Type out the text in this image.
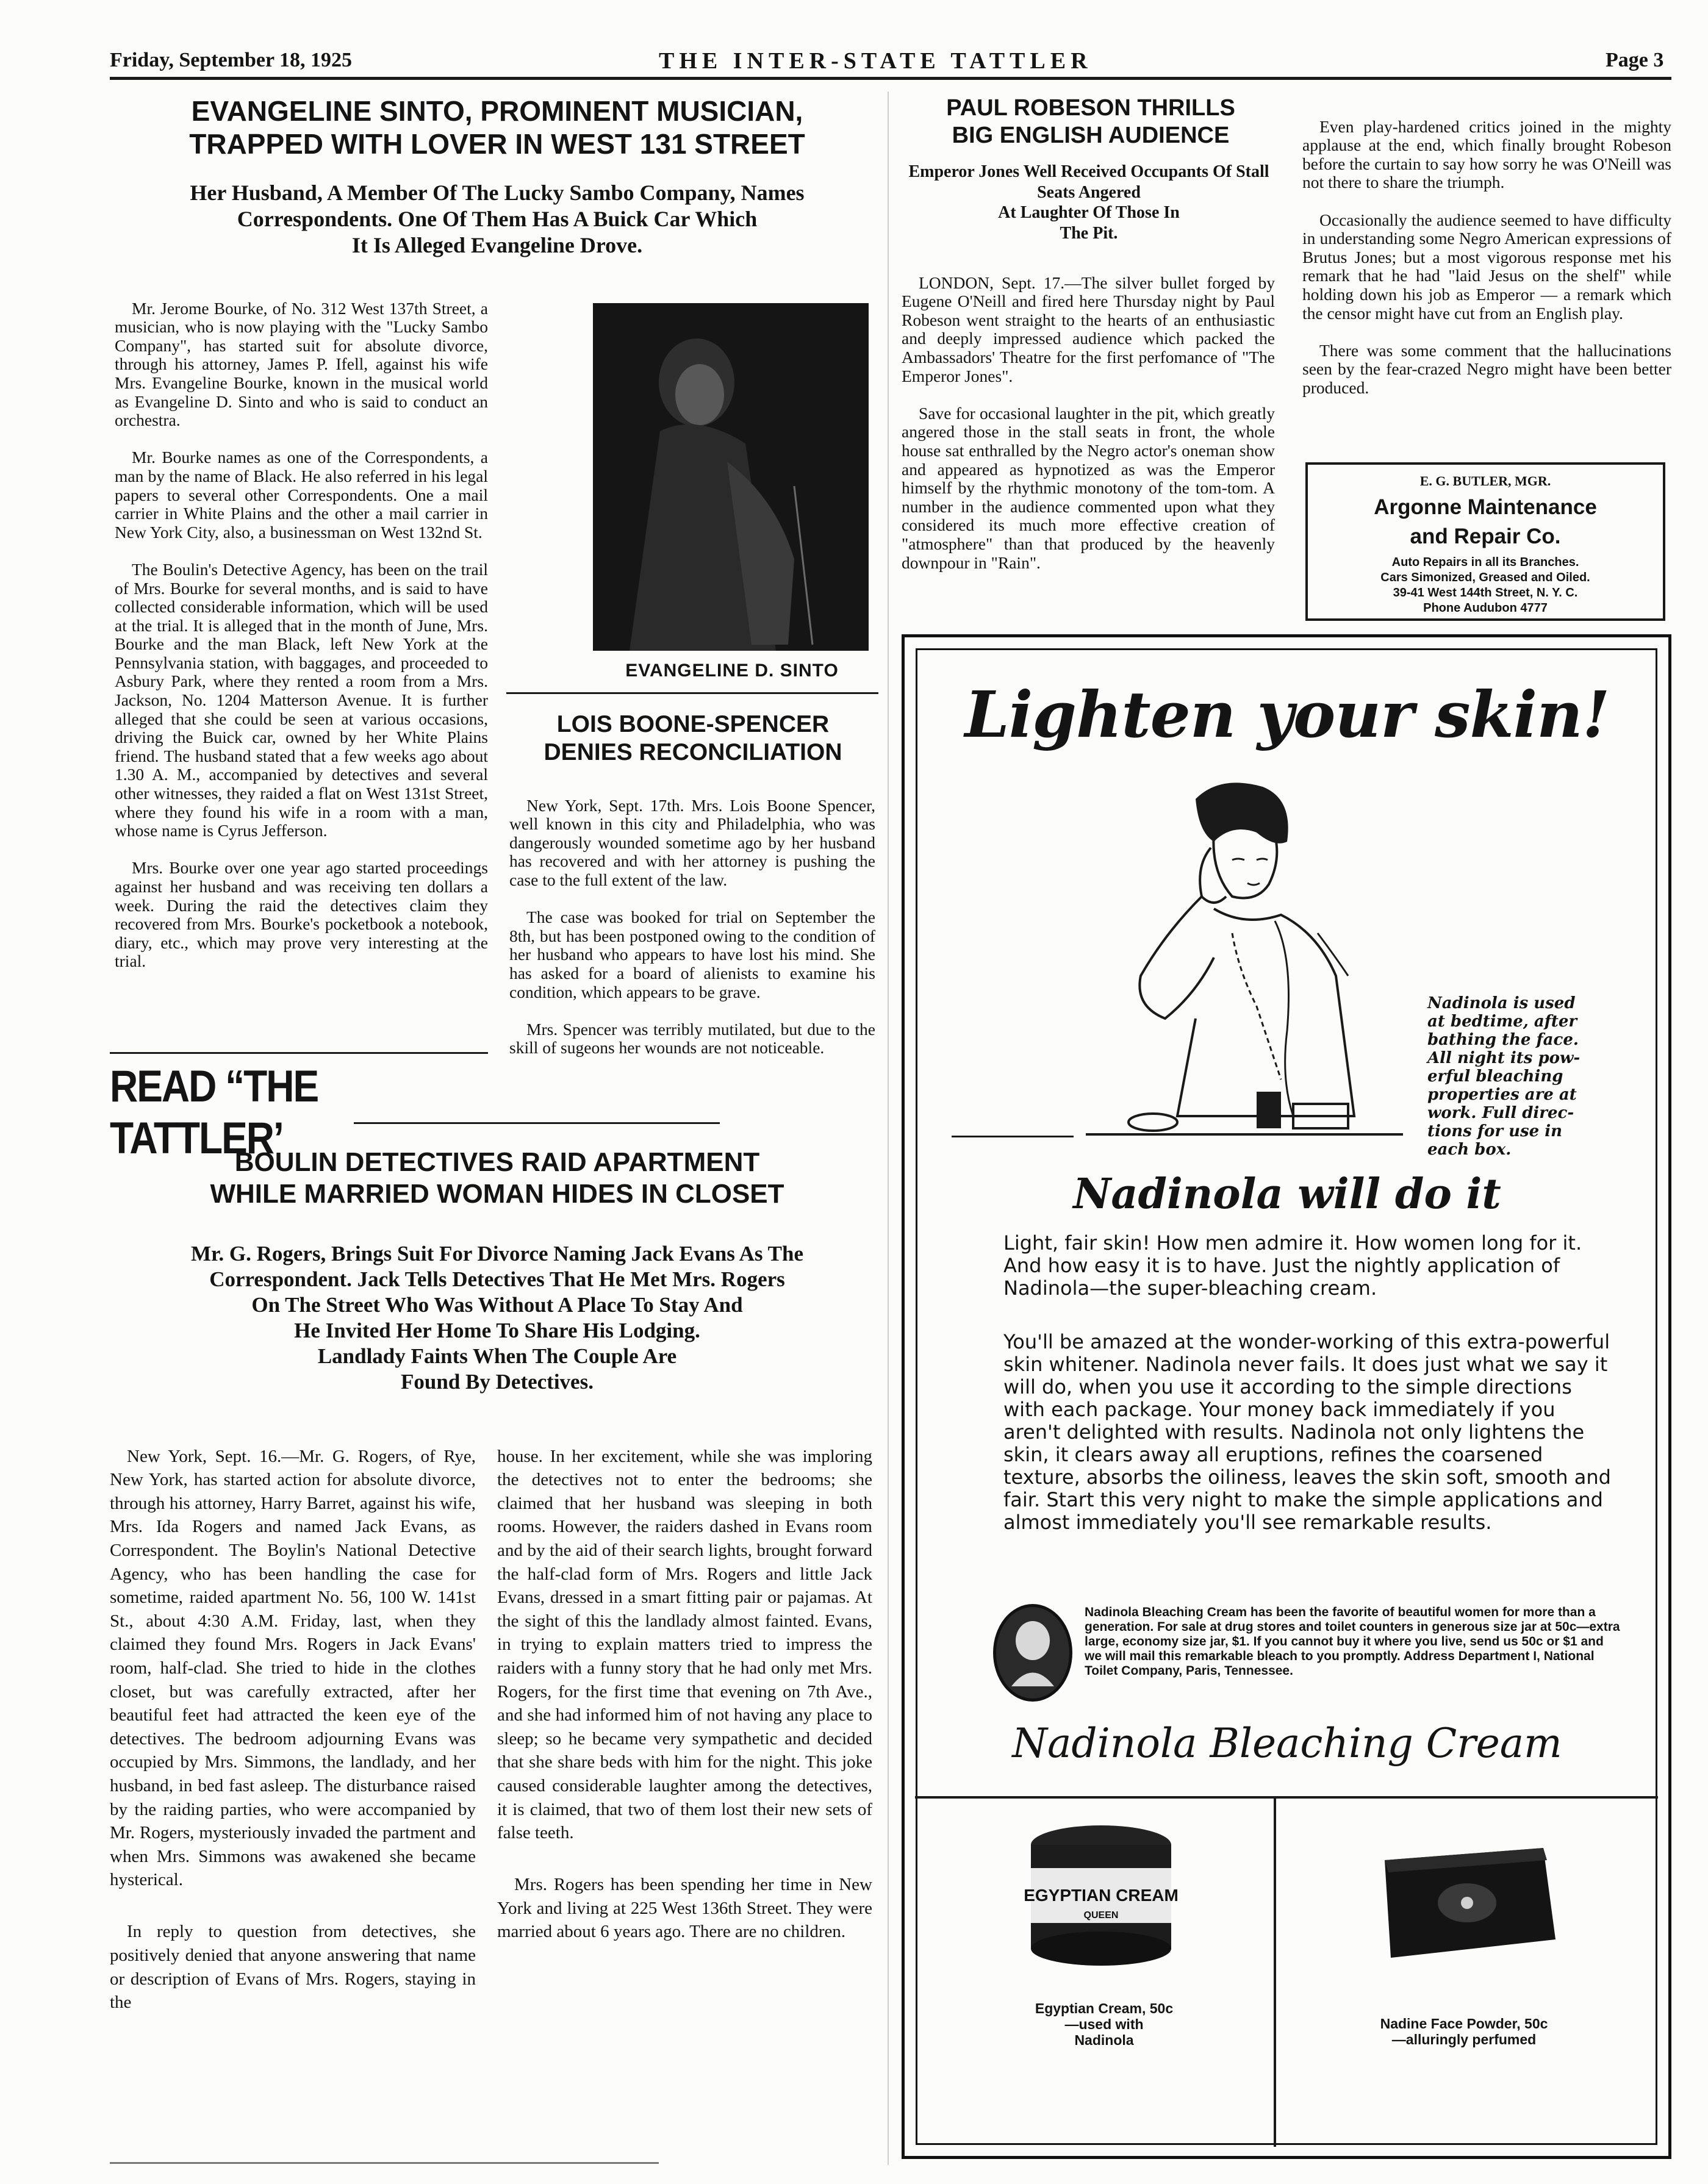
Friday, September 18, 1925	THE INTER-STATE TATTLER	Page 3
EVANGELINE SINTO, PROMINENT MUSICIAN,
TRAPPED WITH LOVER IN WEST 131 STREET
Her Husband, A Member Of The Lucky Sambo Company, Names
Correspondents. One Of Them Has A Buick Car Which
It Is Alleged Evangeline Drove.

Mr. Jerome Bourke, of No. 312 West 137th Street, a musician, who is now playing with the "Lucky Sambo Company", has started suit for absolute divorce, through his attorney, James P. Ifell, against his wife Mrs. Evangeline Bourke, known in the musical world as Evangeline D. Sinto and who is said to conduct an orchestra.

Mr. Bourke names as one of the Correspondents, a man by the name of Black. He also referred in his legal papers to several other Correspondents. One a mail carrier in White Plains and the other a mail carrier in New York City, also, a businessman on West 132nd St.

The Boulin's Detective Agency, has been on the trail of Mrs. Bourke for several months, and is said to have collected considerable information, which will be used at the trial. It is alleged that in the month of June, Mrs. Bourke and the man Black, left New York at the Pennsylvania station, with baggages, and proceeded to Asbury Park, where they rented a room from a Mrs. Jackson, No. 1204 Matterson Avenue. It is further alleged that she could be seen at various occasions, driving the Buick car, owned by her White Plains friend. The husband stated that a few weeks ago about 1.30 A. M., accompanied by detectives and several other witnesses, they raided a flat on West 131st Street, where they found his wife in a room with a man, whose name is Cyrus Jefferson.

Mrs. Bourke over one year ago started proceedings against her husband and was receiving ten dollars a week. During the raid the detectives claim they recovered from Mrs. Bourke's pocketbook a notebook, diary, etc., which may prove very interesting at the trial.

EVANGELINE D. SINTO
LOIS BOONE-SPENCER
DENIES RECONCILIATION

New York, Sept. 17th. Mrs. Lois Boone Spencer, well known in this city and Philadelphia, who was dangerously wounded sometime ago by her husband has recovered and with her attorney is pushing the case to the full extent of the law.

The case was booked for trial on September the 8th, but has been postponed owing to the condition of her husband who appears to have lost his mind. She has asked for a board of alienists to examine his condition, which appears to be grave.

Mrs. Spencer was terribly mutilated, but due to the skill of sugeons her wounds are not noticeable.

READ “THE TATTLER’
BOULIN DETECTIVES RAID APARTMENT
WHILE MARRIED WOMAN HIDES IN CLOSET
Mr. G. Rogers, Brings Suit For Divorce Naming Jack Evans As The
Correspondent. Jack Tells Detectives That He Met Mrs. Rogers
On The Street Who Was Without A Place To Stay And
He Invited Her Home To Share His Lodging.
Landlady Faints When The Couple Are
Found By Detectives.

New York, Sept. 16.—Mr. G. Rogers, of Rye, New York, has started action for absolute divorce, through his attorney, Harry Barret, against his wife, Mrs. Ida Rogers and named Jack Evans, as Correspondent. The Boylin's National Detective Agency, who has been handling the case for sometime, raided apartment No. 56, 100 W. 141st St., about 4:30 A.M. Friday, last, when they claimed they found Mrs. Rogers in Jack Evans' room, half-clad. She tried to hide in the clothes closet, but was carefully extracted, after her beautiful feet had attracted the keen eye of the detectives. The bedroom adjourning Evans was occupied by Mrs. Simmons, the landlady, and her husband, in bed fast asleep. The disturbance raised by the raiding parties, who were accompanied by Mr. Rogers, mysteriously invaded the partment and when Mrs. Simmons was awakened she became hysterical.

In reply to question from detectives, she positively denied that anyone answering that name or description of Evans of Mrs. Rogers, staying in the

house. In her excitement, while she was imploring the detectives not to enter the bedrooms; she claimed that her husband was sleeping in both rooms. However, the raiders dashed in Evans room and by the aid of their search lights, brought forward the half-clad form of Mrs. Rogers and little Jack Evans, dressed in a smart fitting pair or pajamas. At the sight of this the landlady almost fainted. Evans, in trying to explain matters tried to impress the raiders with a funny story that he had only met Mrs. Rogers, for the first time that evening on 7th Ave., and she had informed him of not having any place to sleep; so he became very sympathetic and decided that she share beds with him for the night. This joke caused considerable laughter among the detectives, it is claimed, that two of them lost their new sets of false teeth.

Mrs. Rogers has been spending her time in New York and living at 225 West 136th Street. They were married about 6 years ago. There are no children.

PAUL ROBESON THRILLS
BIG ENGLISH AUDIENCE
Emperor Jones Well Received Occupants Of Stall Seats Angered
At Laughter Of Those In
The Pit.

LONDON, Sept. 17.—The silver bullet forged by Eugene O'Neill and fired here Thursday night by Paul Robeson went straight to the hearts of an enthusiastic and deeply impressed audience which packed the Ambassadors' Theatre for the first perfomance of "The Emperor Jones".

Save for occasional laughter in the pit, which greatly angered those in the stall seats in front, the whole house sat enthralled by the Negro actor's oneman show and appeared as hypnotized as was the Emperor himself by the rhythmic monotony of the tom-tom. A number in the audience commented upon what they considered its much more effective creation of "atmosphere" than that produced by the heavenly downpour in "Rain".

Even play-hardened critics joined in the mighty applause at the end, which finally brought Robeson before the curtain to say how sorry he was O'Neill was not there to share the triumph.

Occasionally the audience seemed to have difficulty in understanding some Negro American expressions of Brutus Jones; but a most vigorous response met his remark that he had "laid Jesus on the shelf" while holding down his job as Emperor — a remark which the censor might have cut from an English play.

There was some comment that the hallucinations seen by the fear-crazed Negro might have been better produced.

E. G. BUTLER, MGR.
Argonne Maintenance
and Repair Co.
Auto Repairs in all its Branches.
Cars Simonized, Greased and Oiled.
39-41 West 144th Street, N. Y. C.
Phone Audubon 4777
Lighten your skin!
Nadinola is used
at bedtime, after
bathing the face.
All night its pow-
erful bleaching
properties are at
work. Full direc-
tions for use in
each box.
Nadinola will do it
Light, fair skin! How men admire it. How women long for it. And how easy it is to have. Just the nightly application of Nadinola—the super-bleaching cream.
You'll be amazed at the wonder-working of this extra-powerful skin whitener. Nadinola never fails. It does just what we say it will do, when you use it according to the simple directions with each package. Your money back immediately if you aren't delighted with results. Nadinola not only lightens the skin, it clears away all eruptions, refines the coarsened texture, absorbs the oiliness, leaves the skin soft, smooth and fair. Start this very night to make the simple applications and almost immediately you'll see remarkable results.
Nadinola Bleaching Cream has been the favorite of beautiful women for more than a generation. For sale at drug stores and toilet counters in generous size jar at 50c—extra large, economy size jar, $1. If you cannot buy it where you live, send us 50c or $1 and we will mail this remarkable bleach to you promptly. Address Department I, National Toilet Company, Paris, Tennessee.
Nadinola Bleaching Cream
EGYPTIAN CREAM
QUEEN
Egyptian Cream, 50c
—used with
Nadinola
Nadine Face Powder, 50c
—alluringly perfumed
